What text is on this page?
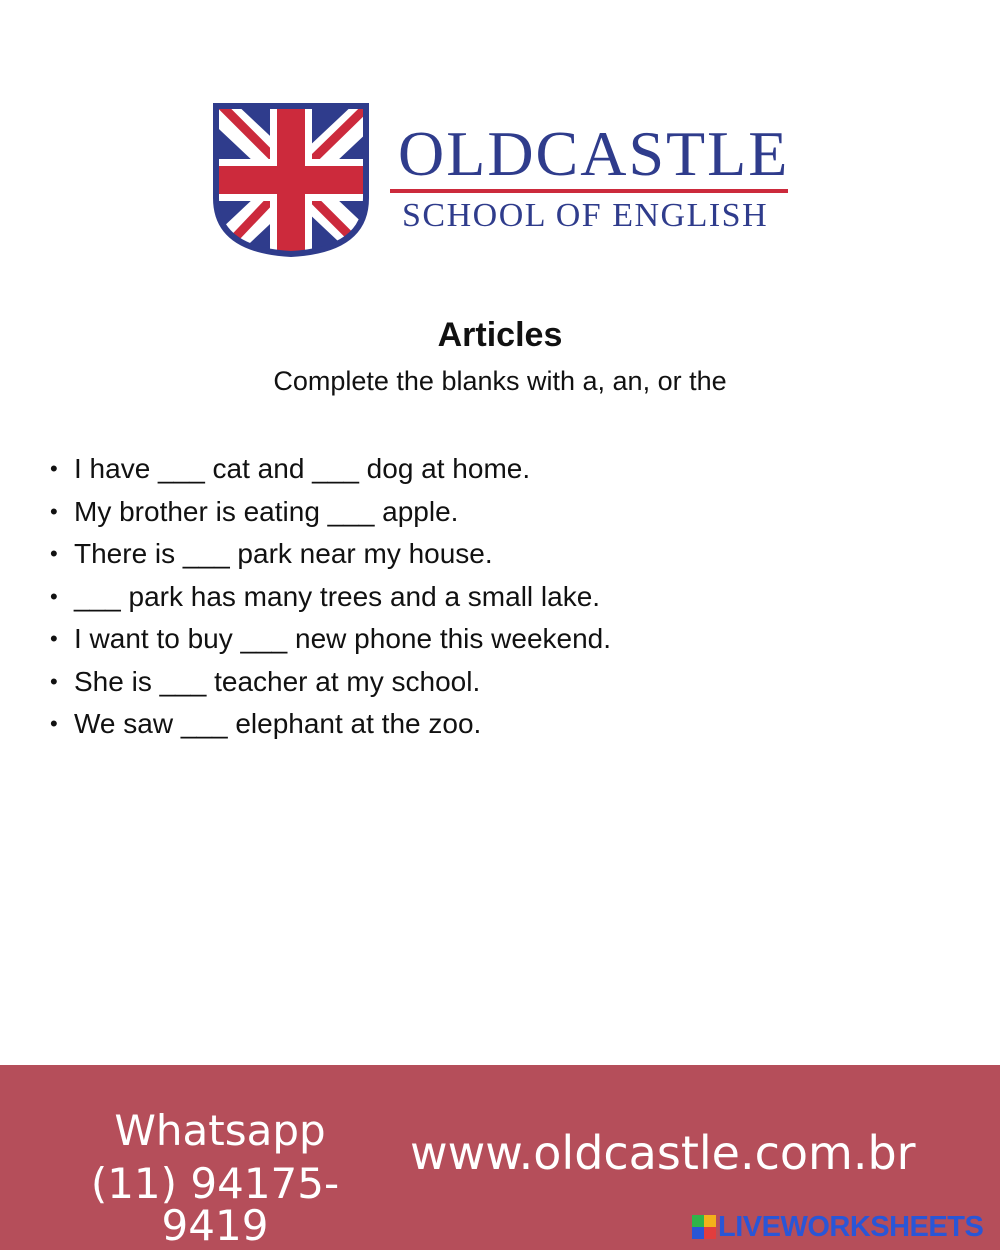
OLDCASTLE
SCHOOL OF ENGLISH
Articles
Complete the blanks with a, an, or the
• I have ___ cat and ___ dog at home.
• My brother is eating ___ apple.
• There is ___ park near my house.
• ___ park has many trees and a small lake.
• I want to buy ___ new phone this weekend.
• She is ___ teacher at my school.
• We saw ___ elephant at the zoo.
Whatsapp
(11) 94175-9419
www.oldcastle.com.br
LIVEWORKSHEETS
